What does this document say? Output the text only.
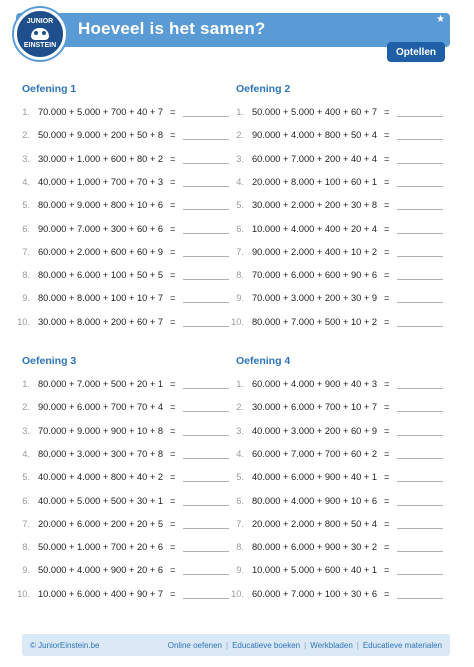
JUNIOR
EINSTEIN
Hoeveel is het samen?	★
Optellen
Oefening 1
1. 70.000 + 5.000 + 700 + 40 + 7 =
2. 50.000 + 9.000 + 200 + 50 + 8 =
3. 30.000 + 1.000 + 600 + 80 + 2 =
4. 40.000 + 1.000 + 700 + 70 + 3 =
5. 80.000 + 9.000 + 800 + 10 + 6 =
6. 90.000 + 7.000 + 300 + 60 + 6 =
7. 60.000 + 2.000 + 600 + 60 + 9 =
8. 80.000 + 6.000 + 100 + 50 + 5 =
9. 80.000 + 8.000 + 100 + 10 + 7 =
10. 30.000 + 8.000 + 200 + 60 + 7 =
Oefening 2
1. 50.000 + 5.000 + 400 + 60 + 7 =
2. 90.000 + 4.000 + 800 + 50 + 4 =
3. 60.000 + 7.000 + 200 + 40 + 4 =
4. 20.000 + 8.000 + 100 + 60 + 1 =
5. 30.000 + 2.000 + 200 + 30 + 8 =
6. 10.000 + 4.000 + 400 + 20 + 4 =
7. 90.000 + 2.000 + 400 + 10 + 2 =
8. 70.000 + 6.000 + 600 + 90 + 6 =
9. 70.000 + 3.000 + 200 + 30 + 9 =
10. 80.000 + 7.000 + 500 + 10 + 2 =
Oefening 3
1. 80.000 + 7.000 + 500 + 20 + 1 =
2. 90.000 + 6.000 + 700 + 70 + 4 =
3. 70.000 + 9.000 + 900 + 10 + 8 =
4. 80.000 + 3.000 + 300 + 70 + 8 =
5. 40.000 + 4.000 + 800 + 40 + 2 =
6. 40.000 + 5.000 + 500 + 30 + 1 =
7. 20.000 + 6.000 + 200 + 20 + 5 =
8. 50.000 + 1.000 + 700 + 20 + 6 =
9. 50.000 + 4.000 + 900 + 20 + 6 =
10. 10.000 + 6.000 + 400 + 90 + 7 =
Oefening 4
1. 60.000 + 4.000 + 900 + 40 + 3 =
2. 30.000 + 6.000 + 700 + 10 + 7 =
3. 40.000 + 3.000 + 200 + 60 + 9 =
4. 60.000 + 7.000 + 700 + 60 + 2 =
5. 40.000 + 6.000 + 900 + 40 + 1 =
6. 80.000 + 4.000 + 900 + 10 + 6 =
7. 20.000 + 2.000 + 800 + 50 + 4 =
8. 80.000 + 6.000 + 900 + 30 + 2 =
9. 10.000 + 5.000 + 600 + 40 + 1 =
10. 60.000 + 7.000 + 100 + 30 + 6 =
© JuniorEinstein.be	Online oefenen | Educatieve boeken | Werkbladen | Educatieve materialen
